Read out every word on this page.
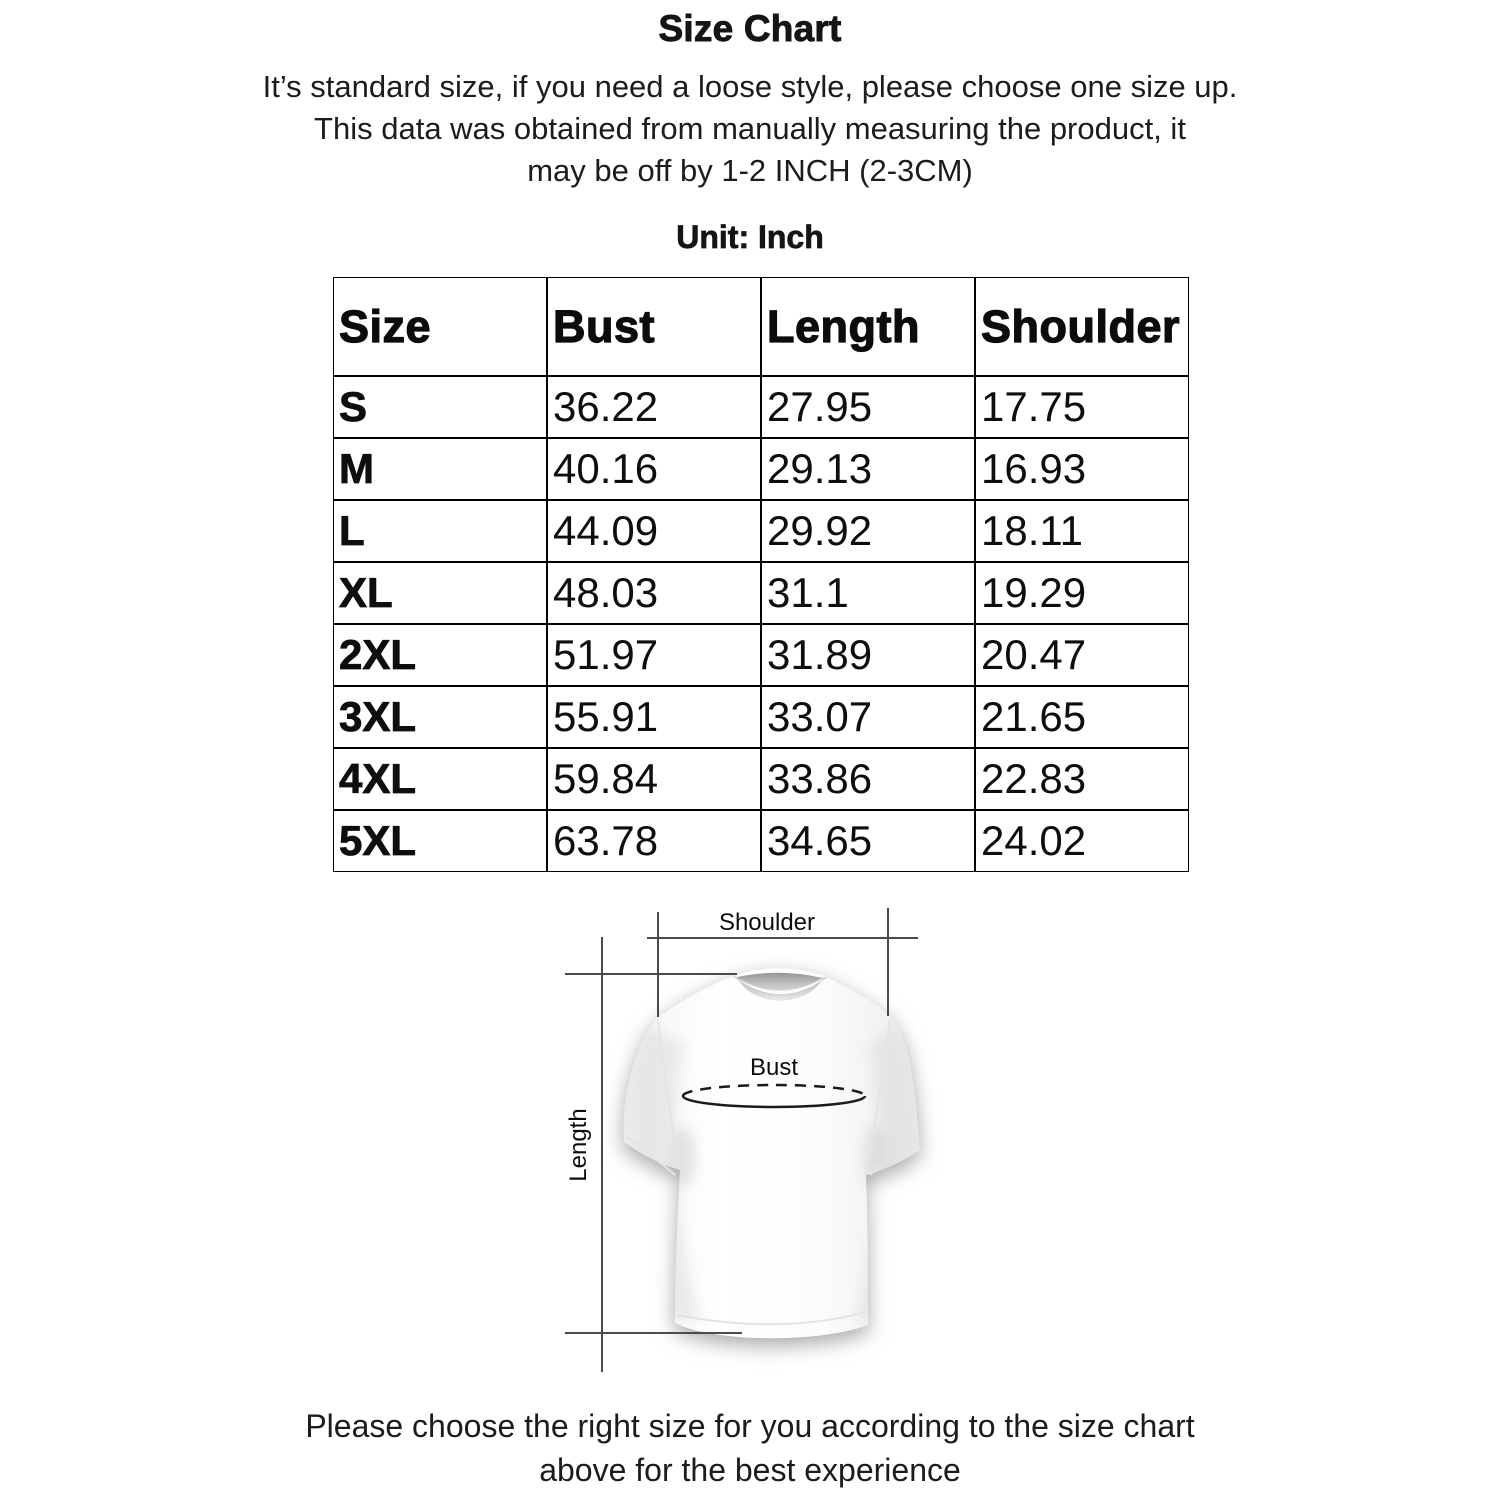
Size Chart
It’s standard size, if you need a loose style, please choose one size up.
This data was obtained from manually measuring the product, it
may be off by 1-2 INCH (2-3CM)
Unit: Inch
Size	Bust	Length	Shoulder
S	36.22	27.95	17.75
M	40.16	29.13	16.93
L	44.09	29.92	18.11
XL	48.03	31.1	19.29
2XL	51.97	31.89	20.47
3XL	55.91	33.07	21.65
4XL	59.84	33.86	22.83
5XL	63.78	34.65	24.02
Shoulder
Length
Bust
Please choose the right size for you according to the size chart
above for the best experience
